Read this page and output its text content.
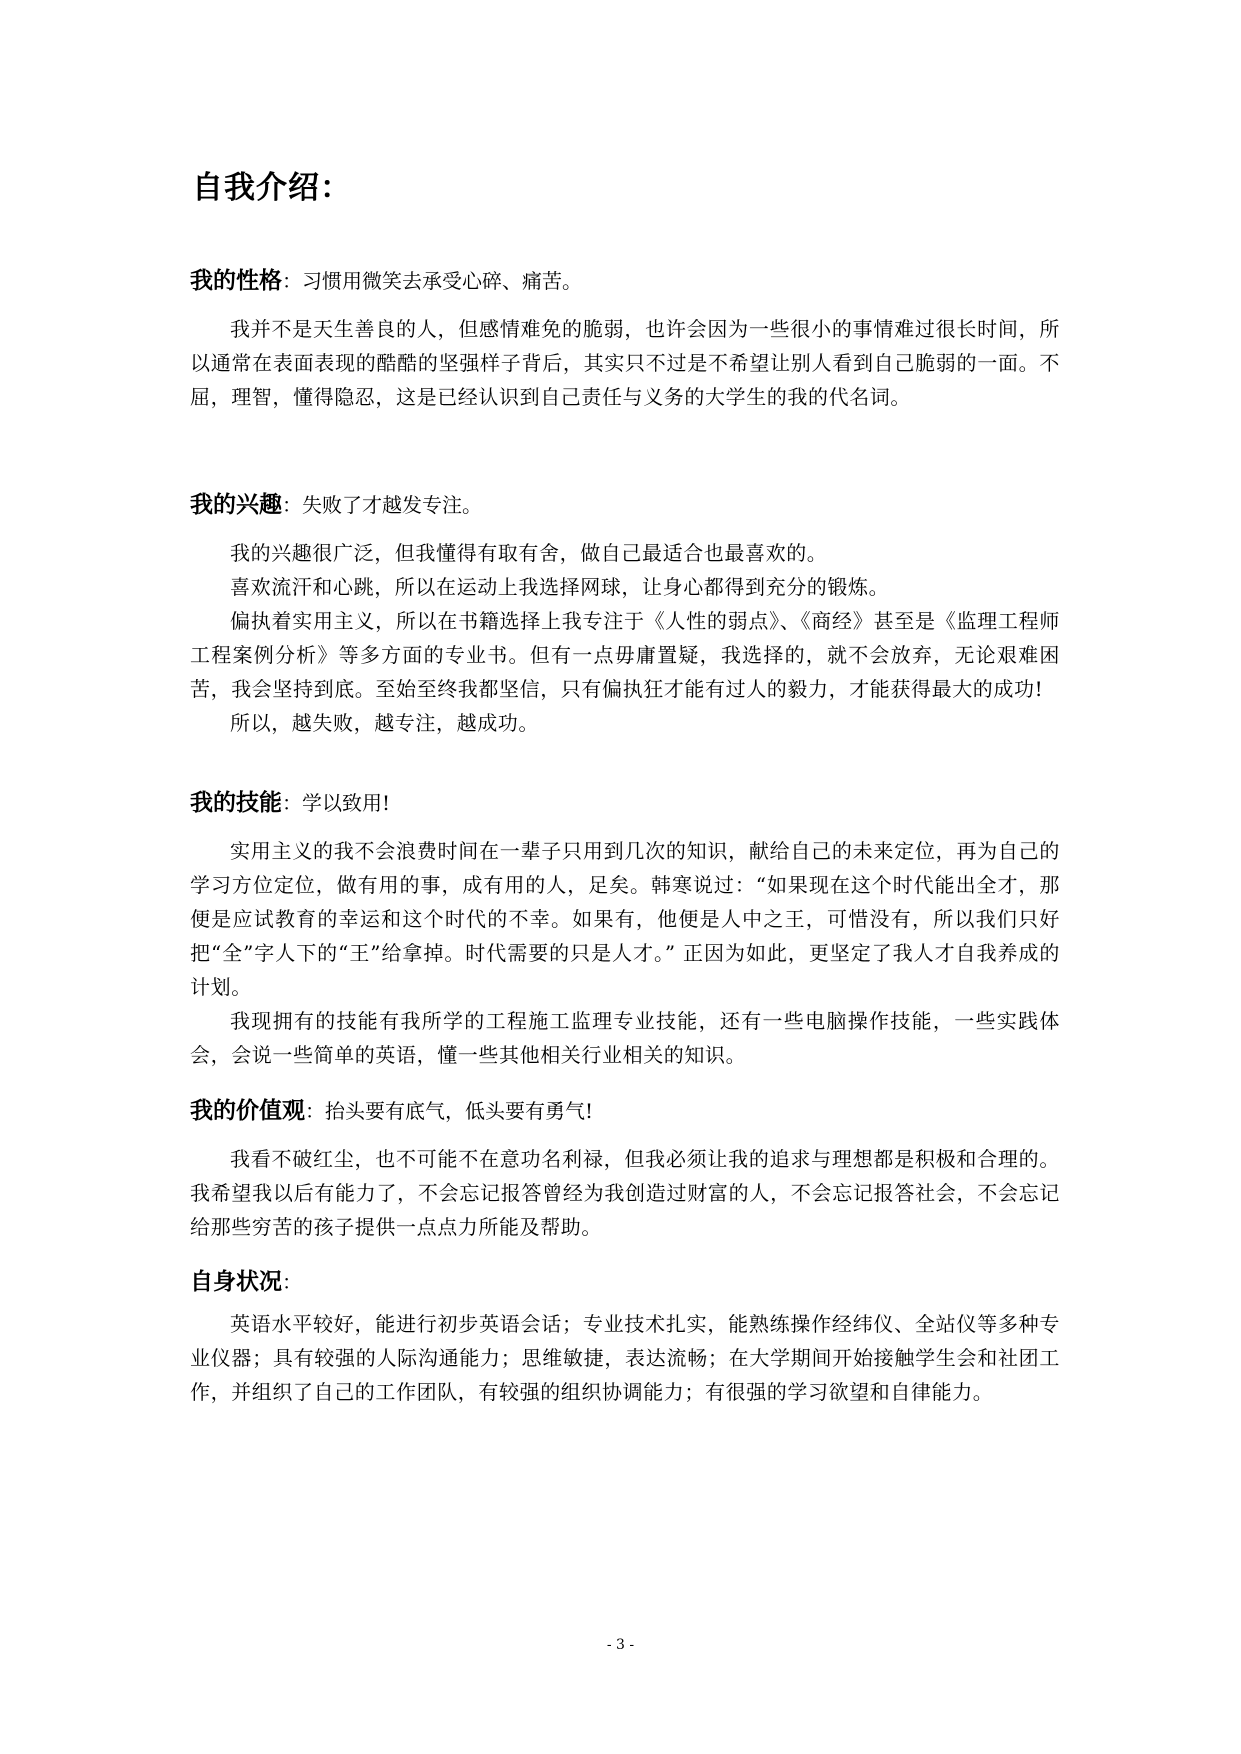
自我介绍：

我的性格：习惯用微笑去承受心碎、痛苦。

我并不是天生善良的人，但感情难免的脆弱，也许会因为一些很小的事情难过很长时间，所以通常在表面表现的酷酷的坚强样子背后，其实只不过是不希望让别人看到自己脆弱的一面。不屈，理智，懂得隐忍，这是已经认识到自己责任与义务的大学生的我的代名词。

我的兴趣：失败了才越发专注。

我的兴趣很广泛，但我懂得有取有舍，做自己最适合也最喜欢的。

喜欢流汗和心跳，所以在运动上我选择网球，让身心都得到充分的锻炼。

偏执着实用主义，所以在书籍选择上我专注于《人性的弱点》、《商经》甚至是《监理工程师工程案例分析》等多方面的专业书。但有一点毋庸置疑，我选择的，就不会放弃，无论艰难困苦，我会坚持到底。至始至终我都坚信，只有偏执狂才能有过人的毅力，才能获得最大的成功!

所以，越失败，越专注，越成功。

我的技能：学以致用!

实用主义的我不会浪费时间在一辈子只用到几次的知识，献给自己的未来定位，再为自己的学习方位定位，做有用的事，成有用的人，足矣。韩寒说过：“如果现在这个时代能出全才，那便是应试教育的幸运和这个时代的不幸。如果有，他便是人中之王，可惜没有，所以我们只好把“全”字人下的“王”给拿掉。时代需要的只是人才。” 正因为如此，更坚定了我人才自我养成的计划。

我现拥有的技能有我所学的工程施工监理专业技能，还有一些电脑操作技能，一些实践体会，会说一些简单的英语，懂一些其他相关行业相关的知识。

我的价值观：抬头要有底气，低头要有勇气!

我看不破红尘，也不可能不在意功名利禄，但我必须让我的追求与理想都是积极和合理的。我希望我以后有能力了，不会忘记报答曾经为我创造过财富的人，不会忘记报答社会，不会忘记给那些穷苦的孩子提供一点点力所能及帮助。

自身状况：

英语水平较好，能进行初步英语会话；专业技术扎实，能熟练操作经纬仪、全站仪等多种专业仪器；具有较强的人际沟通能力；思维敏捷，表达流畅；在大学期间开始接触学生会和社团工作，并组织了自己的工作团队，有较强的组织协调能力；有很强的学习欲望和自律能力。

- 3 -
